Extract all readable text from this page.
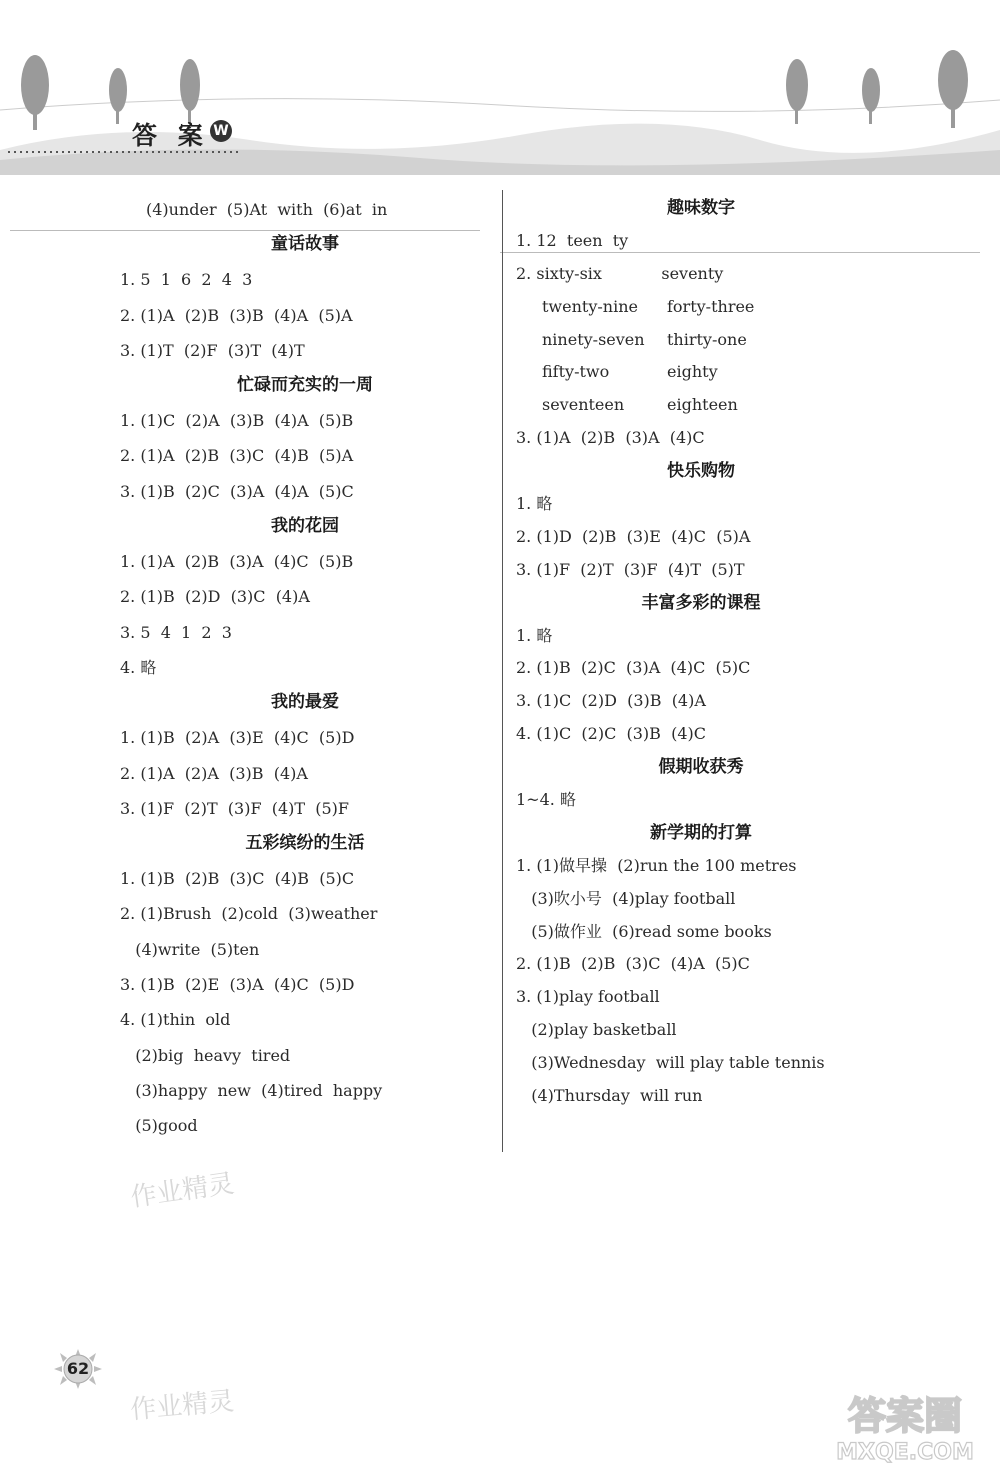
答 案 W
(4)under  (5)At  with  (6)at  in
童话故事
1. 5  1  6  2  4  3
2. (1)A  (2)B  (3)B  (4)A  (5)A
3. (1)T  (2)F  (3)T  (4)T
忙碌而充实的一周
1. (1)C  (2)A  (3)B  (4)A  (5)B
2. (1)A  (2)B  (3)C  (4)B  (5)A
3. (1)B  (2)C  (3)A  (4)A  (5)C
我的花园
1. (1)A  (2)B  (3)A  (4)C  (5)B
2. (1)B  (2)D  (3)C  (4)A
3. 5  4  1  2  3
4. 略
我的最爱
1. (1)B  (2)A  (3)E  (4)C  (5)D
2. (1)A  (2)A  (3)B  (4)A
3. (1)F  (2)T  (3)F  (4)T  (5)F
五彩缤纷的生活
1. (1)B  (2)B  (3)C  (4)B  (5)C
2. (1)Brush  (2)cold  (3)weather
(4)write  (5)ten
3. (1)B  (2)E  (3)A  (4)C  (5)D
4. (1)thin  old
(2)big  heavy  tired
(3)happy  new  (4)tired  happy
(5)good
趣味数字
1. 12  teen  ty
2. sixty-six	seventy
twenty-nine forty-three
ninety-seven thirty-one
fifty-two	eighty
seventeen	eighteen
3. (1)A  (2)B  (3)A  (4)C
快乐购物
1. 略
2. (1)D  (2)B  (3)E  (4)C  (5)A
3. (1)F  (2)T  (3)F  (4)T  (5)T
丰富多彩的课程
1. 略
2. (1)B  (2)C  (3)A  (4)C  (5)C
3. (1)C  (2)D  (3)B  (4)A
4. (1)C  (2)C  (3)B  (4)C
假期收获秀
1~4. 略
新学期的打算
1. (1)做早操  (2)run the 100 metres
(3)吹小号  (4)play football
(5)做作业  (6)read some books
2. (1)B  (2)B  (3)C  (4)A  (5)C
3. (1)play football
(2)play basketball
(3)Wednesday  will play table tennis
(4)Thursday  will run
作业精灵
作业精灵
62
答案圈
MXQE.COM
